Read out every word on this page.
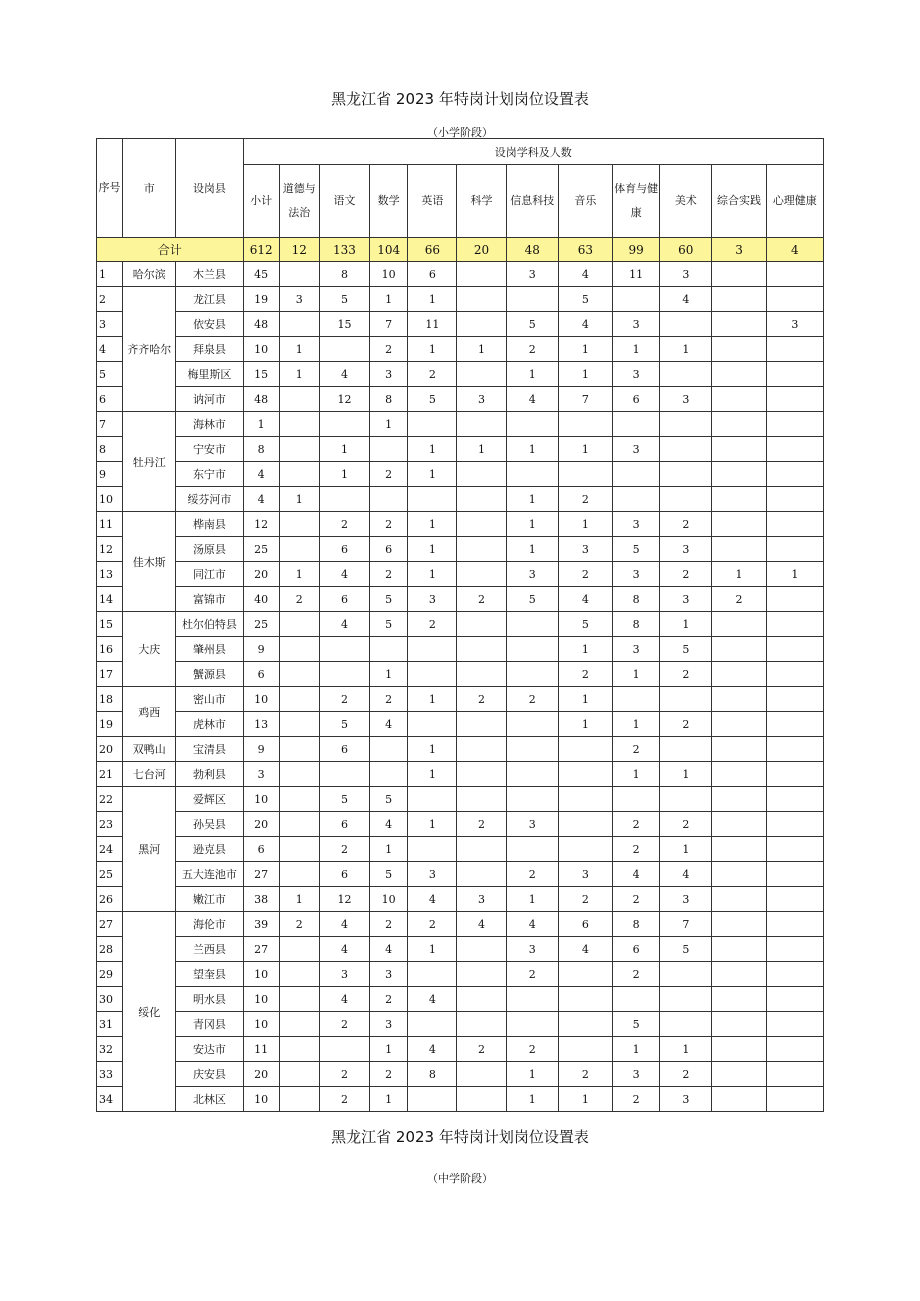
黑龙江省 2023 年特岗计划岗位设置表
（小学阶段）
序号	市	设岗县	设岗学科及人数											
			小计	道德与法治	语文	数学	英语	科学	信息科技	音乐	体育与健康	美术	综合实践	心理健康
合计			612	12	133	104	66	20	48	63	99	60	3	4
1	哈尔滨	木兰县	45		8	10	6		3	4	11	3		
2	齐齐哈尔	龙江县	19	3	5	1	1			5		4		
3		依安县	48		15	7	11		5	4	3			3
4		拜泉县	10	1		2	1	1	2	1	1	1		
5		梅里斯区	15	1	4	3	2		1	1	3			
6		讷河市	48		12	8	5	3	4	7	6	3		
7	牡丹江	海林市	1			1								
8		宁安市	8		1		1	1	1	1	3			
9		东宁市	4		1	2	1							
10		绥芬河市	4	1					1	2				
11	佳木斯	桦南县	12		2	2	1		1	1	3	2		
12		汤原县	25		6	6	1		1	3	5	3		
13		同江市	20	1	4	2	1		3	2	3	2	1	1
14		富锦市	40	2	6	5	3	2	5	4	8	3	2	
15	大庆	杜尔伯特县	25		4	5	2			5	8	1		
16		肇州县	9							1	3	5		
17		蟹源县	6			1				2	1	2		
18	鸡西	密山市	10		2	2	1	2	2	1				
19		虎林市	13		5	4				1	1	2		
20	双鸭山	宝清县	9		6		1				2			
21	七台河	勃利县	3				1				1	1		
22	黑河	爱辉区	10		5	5								
23		孙吴县	20		6	4	1	2	3		2	2		
24		逊克县	6		2	1					2	1		
25		五大连池市	27		6	5	3		2	3	4	4		
26		嫩江市	38	1	12	10	4	3	1	2	2	3		
27	绥化	海伦市	39	2	4	2	2	4	4	6	8	7		
28		兰西县	27		4	4	1		3	4	6	5		
29		望奎县	10		3	3			2		2			
30		明水县	10		4	2	4							
31		青冈县	10		2	3					5			
32		安达市	11			1	4	2	2		1	1		
33		庆安县	20		2	2	8		1	2	3	2		
34		北林区	10		2	1			1	1	2	3		
黑龙江省 2023 年特岗计划岗位设置表
（中学阶段）
